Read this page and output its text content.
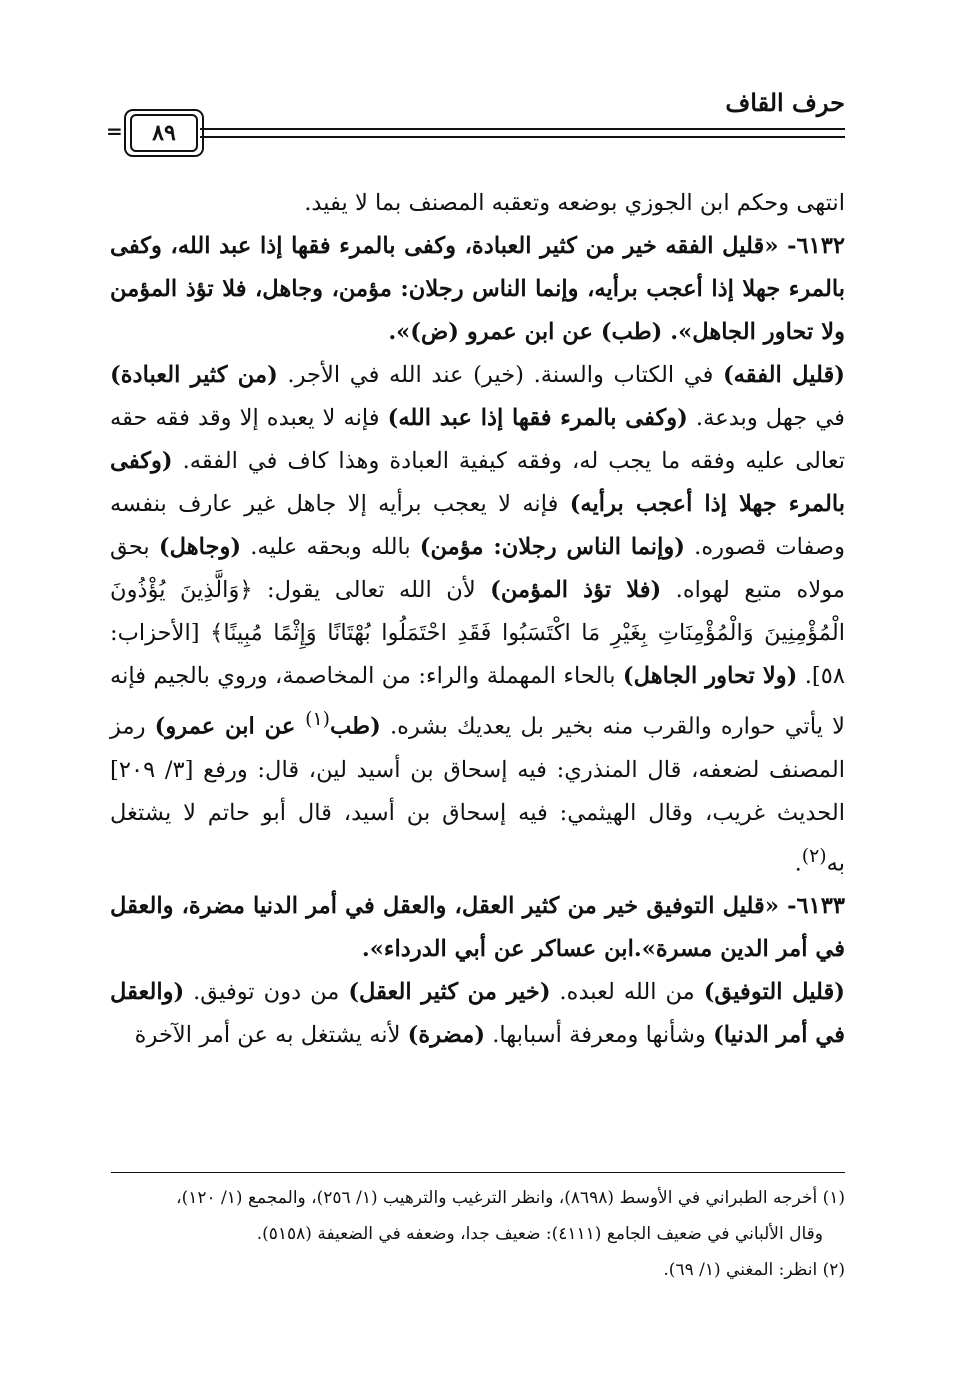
حرف القاف
٨٩
=

انتهى وحكم ابن الجوزي بوضعه وتعقبه المصنف بما لا يفيد.

٦١٣٢- «قليل الفقه خير من كثير العبادة، وكفى بالمرء فقها إذا عبد الله، وكفى بالمرء جهلا إذا أعجب برأيه، وإنما الناس رجلان: مؤمن، وجاهل، فلا تؤذ المؤمن ولا تحاور الجاهل». (طب) عن ابن عمرو (ض)».

(قليل الفقه) في الكتاب والسنة. (خير) عند الله في الأجر. (من كثير العبادة) في جهل وبدعة. (وكفى بالمرء فقها إذا عبد الله) فإنه لا يعبده إلا وقد فقه حقه تعالى عليه وفقه ما يجب له، وفقه كيفية العبادة وهذا كاف في الفقه. (وكفى بالمرء جهلا إذا أعجب برأيه) فإنه لا يعجب برأيه إلا جاهل غير عارف بنفسه وصفات قصوره. (وإنما الناس رجلان: مؤمن) بالله وبحقه عليه. (وجاهل) بحق مولاه متبع لهواه. (فلا تؤذ المؤمن) لأن الله تعالى يقول: ﴿وَالَّذِينَ يُؤْذُونَ الْمُؤْمِنِينَ وَالْمُؤْمِنَاتِ بِغَيْرِ مَا اكْتَسَبُوا فَقَدِ احْتَمَلُوا بُهْتَانًا وَإِثْمًا مُبِينًا﴾ [الأحزاب: ٥٨]. (ولا تحاور الجاهل) بالحاء المهملة والراء: من المخاصمة، وروي بالجيم فإنه لا يأتي حواره والقرب منه بخير بل يعديك بشره. (طب$^{(١)}$ عن ابن عمرو) رمز المصنف لضعفه، قال المنذري: فيه إسحاق بن أسيد لين، قال: ورفع [٣/ ٢٠٩] الحديث غريب، وقال الهيثمي: فيه إسحاق بن أسيد، قال أبو حاتم لا يشتغل به$^{(٢)}$.

٦١٣٣- «قليل التوفيق خير من كثير العقل، والعقل في أمر الدنيا مضرة، والعقل في أمر الدين مسرة».ابن عساكر عن أبي الدرداء».

(قليل التوفيق) من الله لعبده. (خير من كثير العقل) من دون توفيق. (والعقل في أمر الدنيا) وشأنها ومعرفة أسبابها. (مضرة) لأنه يشتغل به عن أمر الآخرة

(١) أخرجه الطبراني في الأوسط (٨٦٩٨)، وانظر الترغيب والترهيب (١/ ٢٥٦)، والمجمع (١/ ١٢٠)،

وقال الألباني في ضعيف الجامع (٤١١١): ضعيف جدا، وضعفه في الضعيفة (٥١٥٨).

(٢) انظر: المغني (١/ ٦٩).
